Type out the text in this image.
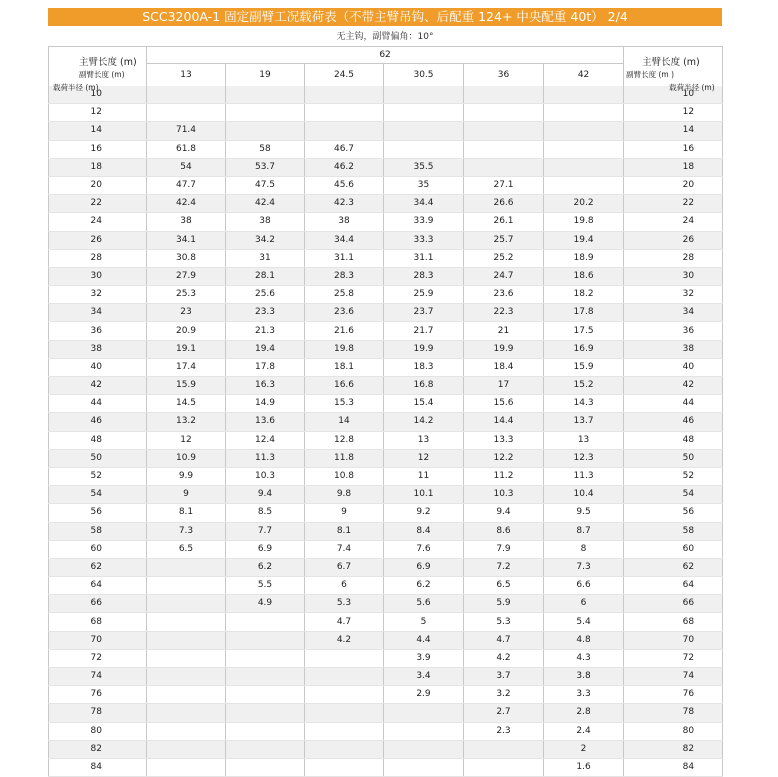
SCC3200A-1 固定副臂工况载荷表（不带主臂吊钩、后配重 124+ 中央配重 40t） 2/4
无主钩，副臂偏角：10°
主臂长度 (m)
副臂长度 (m)
载荷半径 (m)	62						主臂长度 (m)
副臂长度 (m )
载荷半径 (m)

	13	19	24.5	30.5	36	42	
10							10
12							12
14	71.4						14
16	61.8	58	46.7				16
18	54	53.7	46.2	35.5			18
20	47.7	47.5	45.6	35	27.1		20
22	42.4	42.4	42.3	34.4	26.6	20.2	22
24	38	38	38	33.9	26.1	19.8	24
26	34.1	34.2	34.4	33.3	25.7	19.4	26
28	30.8	31	31.1	31.1	25.2	18.9	28
30	27.9	28.1	28.3	28.3	24.7	18.6	30
32	25.3	25.6	25.8	25.9	23.6	18.2	32
34	23	23.3	23.6	23.7	22.3	17.8	34
36	20.9	21.3	21.6	21.7	21	17.5	36
38	19.1	19.4	19.8	19.9	19.9	16.9	38
40	17.4	17.8	18.1	18.3	18.4	15.9	40
42	15.9	16.3	16.6	16.8	17	15.2	42
44	14.5	14.9	15.3	15.4	15.6	14.3	44
46	13.2	13.6	14	14.2	14.4	13.7	46
48	12	12.4	12.8	13	13.3	13	48
50	10.9	11.3	11.8	12	12.2	12.3	50
52	9.9	10.3	10.8	11	11.2	11.3	52
54	9	9.4	9.8	10.1	10.3	10.4	54
56	8.1	8.5	9	9.2	9.4	9.5	56
58	7.3	7.7	8.1	8.4	8.6	8.7	58
60	6.5	6.9	7.4	7.6	7.9	8	60
62		6.2	6.7	6.9	7.2	7.3	62
64		5.5	6	6.2	6.5	6.6	64
66		4.9	5.3	5.6	5.9	6	66
68			4.7	5	5.3	5.4	68
70			4.2	4.4	4.7	4.8	70
72				3.9	4.2	4.3	72
74				3.4	3.7	3.8	74
76				2.9	3.2	3.3	76
78					2.7	2.8	78
80					2.3	2.4	80
82						2	82
84						1.6	84
